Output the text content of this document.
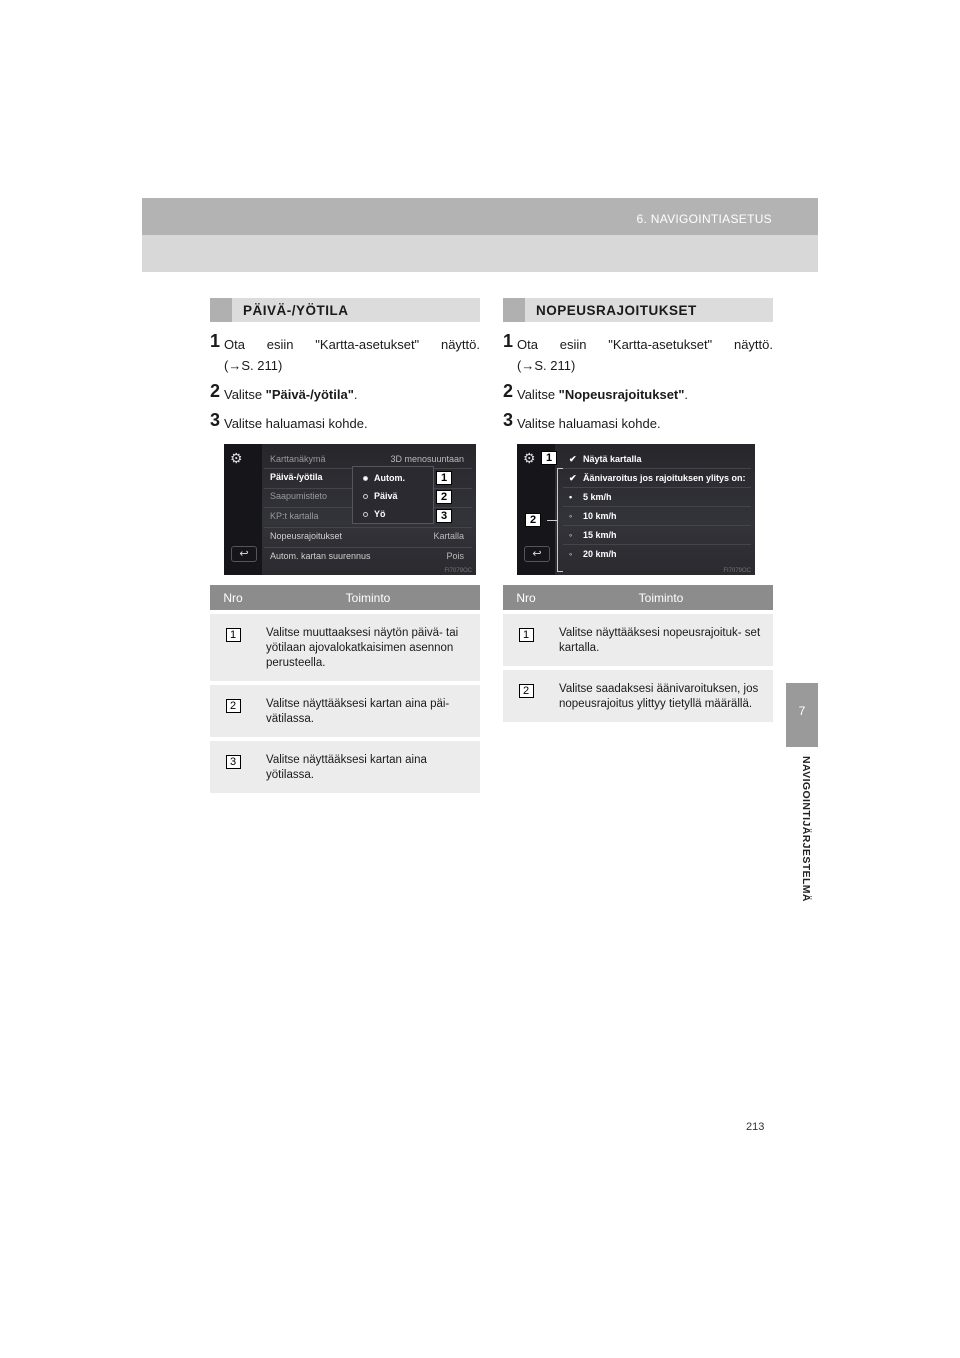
6. NAVIGOINTIASETUS
7
NAVIGOINTIJÄRJESTELMÄ
PÄIVÄ-/YÖTILA
1 Ota esiin "Kartta-asetukset" näyttö.
(→S. 211)
2 Valitse "Päivä-/yötila".
3 Valitse haluamasi kohde.
⚙
↩
Karttanäkymä	3D menosuuntaan
Päivä-/yötila
Saapumistieto
KP:t kartalla
Nopeusrajoitukset	Kartalla
Autom. kartan suurennus	Pois
Autom.
Päivä
Yö
1
2
3
FI7079OC
Nro	Toiminto
1	Valitse muuttaaksesi näytön päivä- tai yötilaan ajovalokatkaisimen asennon perusteella.
2	Valitse näyttääksesi kartan aina päi- vätilassa.
3	Valitse näyttääksesi kartan aina yötilassa.
NOPEUSRAJOITUKSET
1 Ota esiin "Kartta-asetukset" näyttö.
(→S. 211)
2 Valitse "Nopeusrajoitukset".
3 Valitse haluamasi kohde.
⚙
↩
✔ Näytä kartalla
✔ Äänivaroitus jos rajoituksen ylitys on:
• 5 km/h
◦ 10 km/h
◦ 15 km/h
◦ 20 km/h
1
2
FI7079OC
Nro	Toiminto
1	Valitse näyttääksesi nopeusrajoituk- set kartalla.
2	Valitse saadaksesi äänivaroituksen, jos nopeusrajoitus ylittyy tietyllä määrällä.
213
